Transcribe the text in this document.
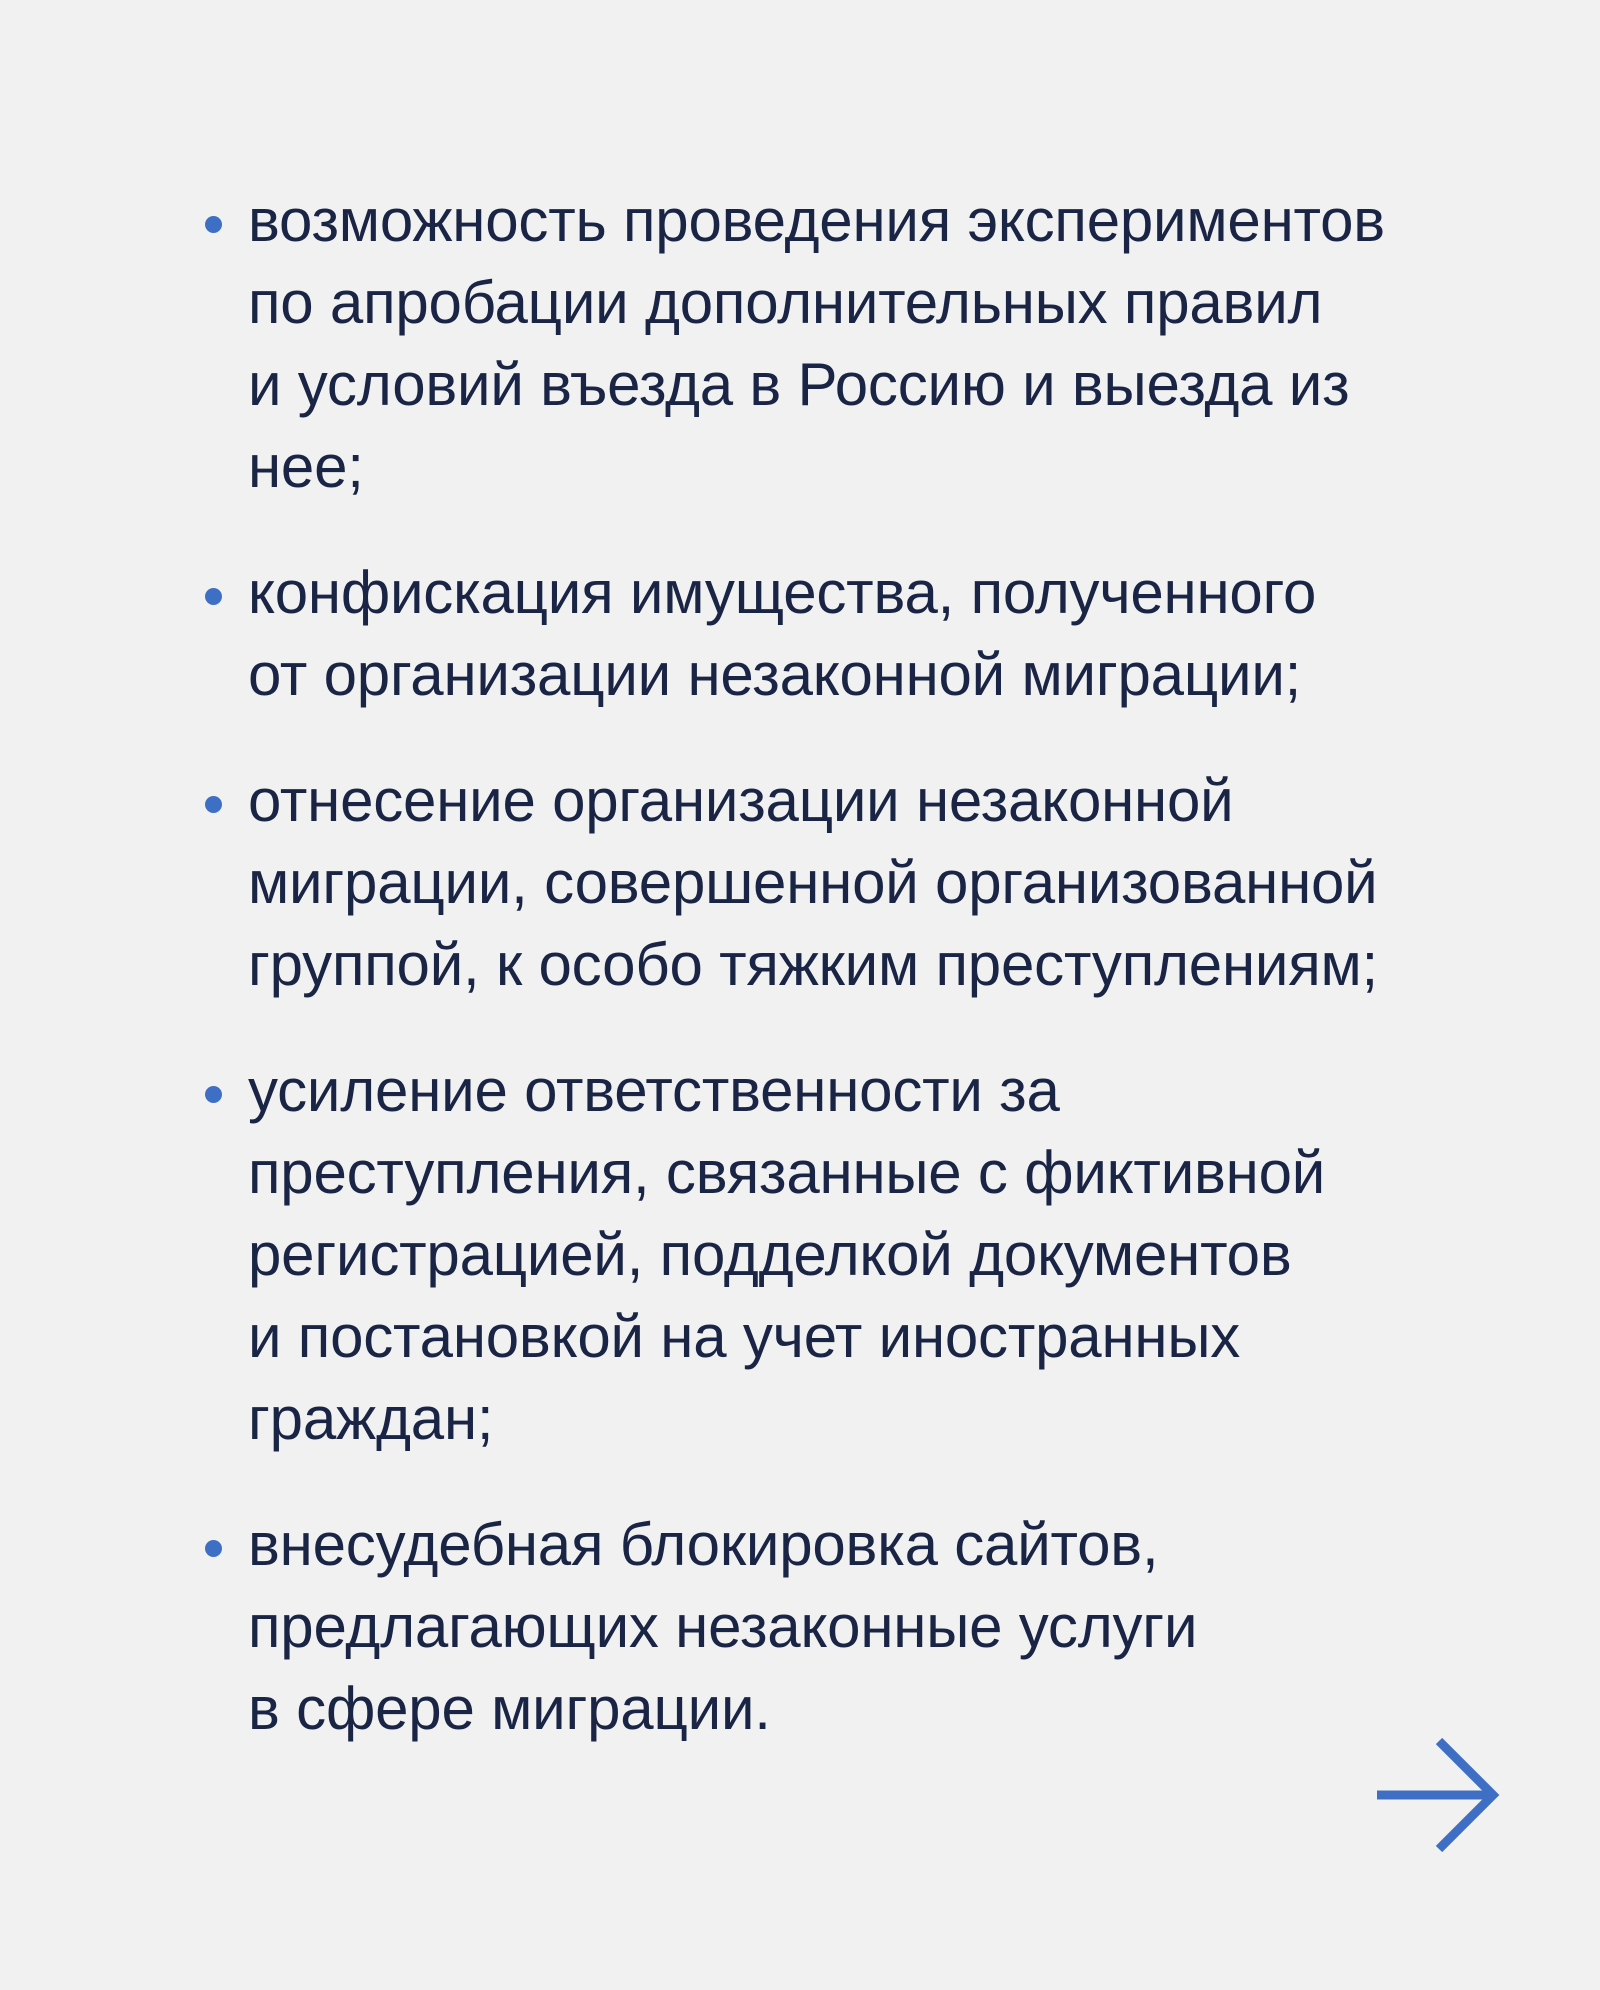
возможность проведения экспериментов
по апробации дополнительных правил
и условий въезда в Россию и выезда из
нее;
конфискация имущества, полученного
от организации незаконной миграции;
отнесение организации незаконной
миграции, совершенной организованной
группой, к особо тяжким преступлениям;
усиление ответственности за
преступления, связанные с фиктивной
регистрацией, подделкой документов
и постановкой на учет иностранных
граждан;
внесудебная блокировка сайтов,
предлагающих незаконные услуги
в сфере миграции.
